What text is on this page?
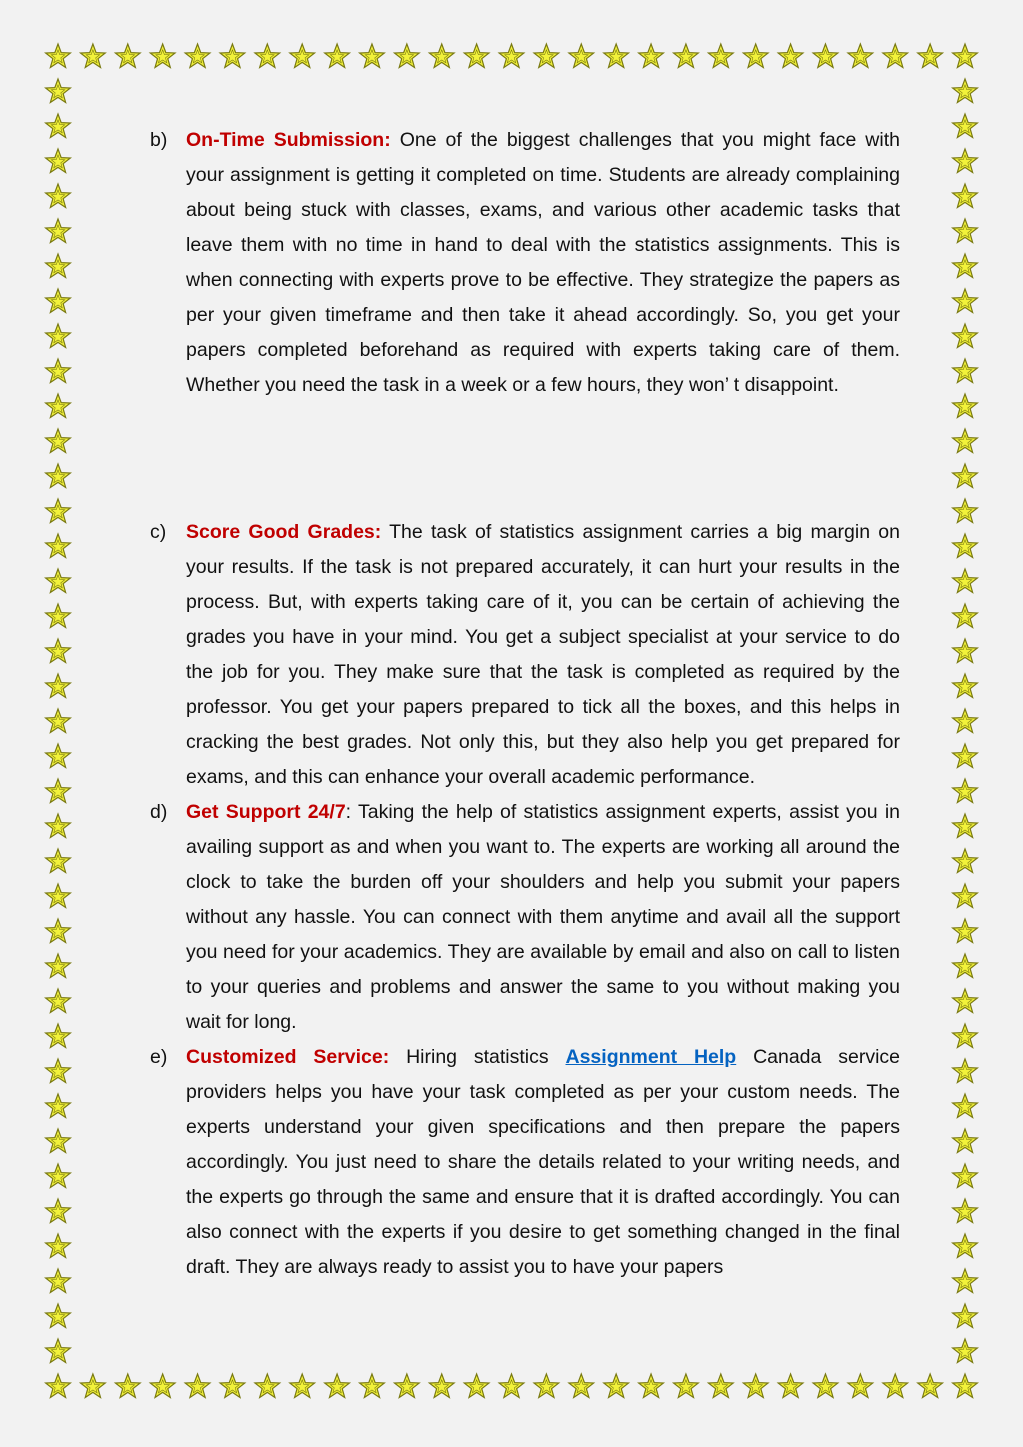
b) On-Time Submission: One of the biggest challenges that you might face with your assignment is getting it completed on time. Students are already complaining about being stuck with classes, exams, and various other academic tasks that leave them with no time in hand to deal with the statistics assignments. This is when connecting with experts prove to be effective. They strategize the papers as per your given timeframe and then take it ahead accordingly. So, you get your papers completed beforehand as required with experts taking care of them. Whether you need the task in a week or a few hours, they won’ t disappoint.
c)	Score Good Grades: The task of statistics assignment carries a big margin on your results. If the task is not prepared accurately, it can hurt your results in the process. But, with experts taking care of it, you can be certain of achieving the grades you have in your mind. You get a subject specialist at your service to do the job for you. They make sure that the task is completed as required by the professor. You get your papers prepared to tick all the boxes, and this helps in cracking the best grades. Not only this, but they also help you get prepared for exams, and this can enhance your overall academic performance.
d) Get Support 24/7: Taking the help of statistics assignment experts, assist you in availing support as and when you want to. The experts are working all around the clock to take the burden off your shoulders and help you submit your papers without any hassle. You can connect with them anytime and avail all the support you need for your academics. They are available by email and also on call to listen to your queries and problems and answer the same to you without making you wait for long.
e) Customized Service: Hiring statistics Assignment Help Canada service providers helps you have your task completed as per your custom needs. The experts understand your given specifications and then prepare the papers accordingly. You just need to share the details related to your writing needs, and the experts go through the same and ensure that it is drafted accordingly. You can also connect with the experts if you desire to get something changed in the final draft. They are always ready to assist you to have your papers
